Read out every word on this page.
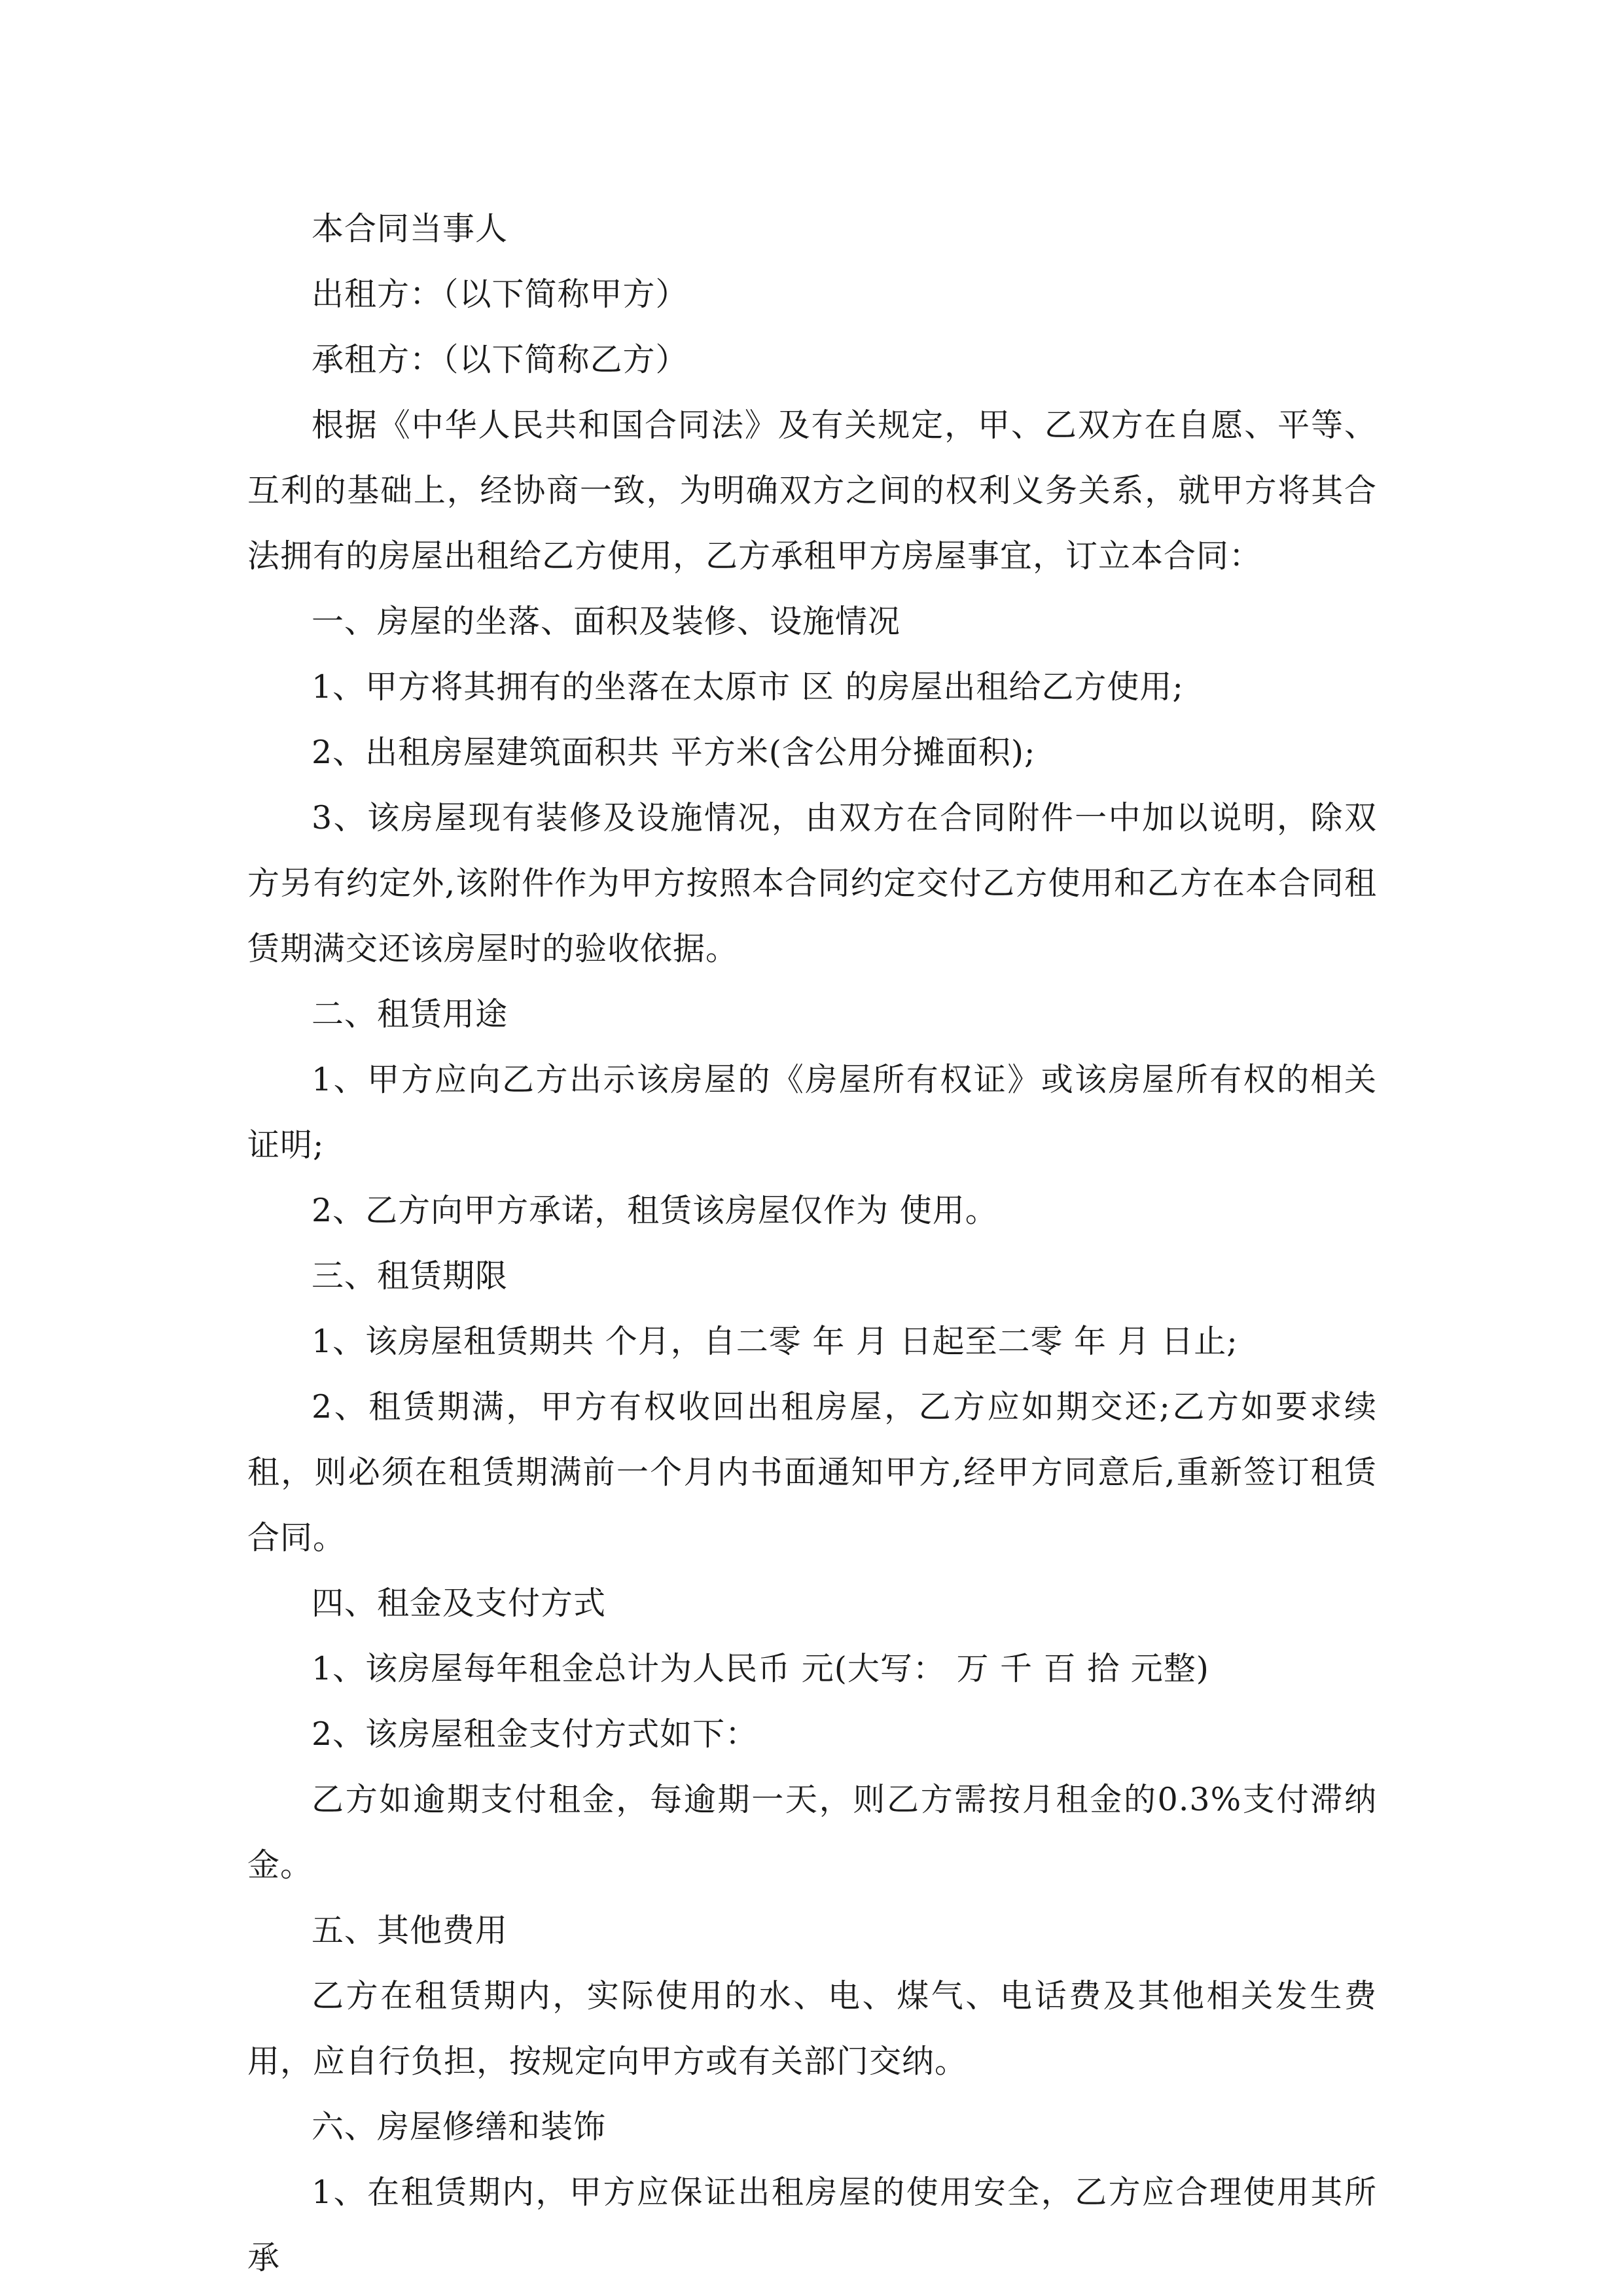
本合同当事人

出租方：（以下简称甲方）

承租方：（以下简称乙方）

根据《中华人民共和国合同法》及有关规定，甲、乙双方在自愿、平等、互利的基础上，经协商一致，为明确双方之间的权利义务关系，就甲方将其合法拥有的房屋出租给乙方使用，乙方承租甲方房屋事宜，订立本合同：

一、房屋的坐落、面积及装修、设施情况

1、甲方将其拥有的坐落在太原市 区 的房屋出租给乙方使用;

2、出租房屋建筑面积共 平方米(含公用分摊面积);

3、该房屋现有装修及设施情况，由双方在合同附件一中加以说明，除双方另有约定外,该附件作为甲方按照本合同约定交付乙方使用和乙方在本合同租赁期满交还该房屋时的验收依据。

二、租赁用途

1、甲方应向乙方出示该房屋的《房屋所有权证》或该房屋所有权的相关证明;

2、乙方向甲方承诺，租赁该房屋仅作为 使用。

三、租赁期限

1、该房屋租赁期共 个月，自二零 年 月 日起至二零 年 月 日止;

2、租赁期满，甲方有权收回出租房屋，乙方应如期交还;乙方如要求续租，则必须在租赁期满前一个月内书面通知甲方,经甲方同意后,重新签订租赁合同。

四、租金及支付方式

1、该房屋每年租金总计为人民币 元(大写： 万 千 百 拾 元整)

2、该房屋租金支付方式如下：

乙方如逾期支付租金，每逾期一天，则乙方需按月租金的0.3%支付滞纳金。

五、其他费用

乙方在租赁期内，实际使用的水、电、煤气、电话费及其他相关发生费用，应自行负担，按规定向甲方或有关部门交纳。

六、房屋修缮和装饰

1、在租赁期内，甲方应保证出租房屋的使用安全，乙方应合理使用其所承
